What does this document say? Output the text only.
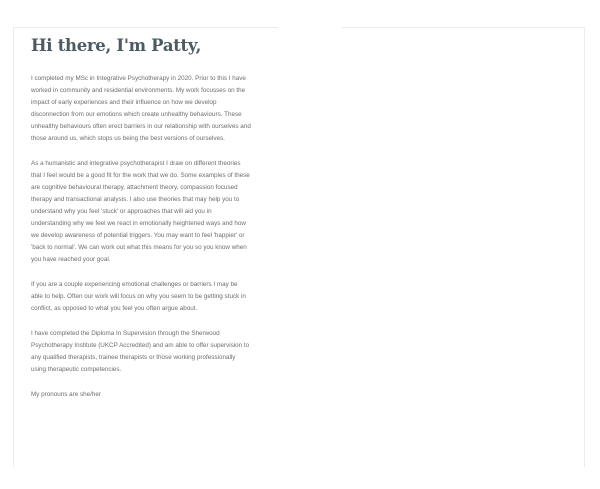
Hi there, I'm Patty,

I completed my MSc in Integrative Psychotherapy in 2020. Prior to this I have worked in community and residential environments. My work focusses on the impact of early experiences and their influence on how we develop disconnection from our emotions which create unhealthy behaviours. These unhealthy behaviours often erect barriers in our relationship with ourselves and those around us, which stops us being the best versions of ourselves.

As a humanistic and integrative psychotherapist I draw on different theories that I feel would be a good fit for the work that we do. Some examples of these are cognitive behavioural therapy, attachment theory, compassion focused therapy and transactional analysis. I also use theories that may help you to understand why you feel 'stuck' or approaches that will aid you in understanding why we feel we react in emotionally heightened ways and how we develop awareness of potential triggers. You may want to feel 'happier' or 'back to normal'. We can work out what this means for you so you know when you have reached your goal.

If you are a couple experiencing emotional challenges or barriers I may be able to help. Often our work will focus on why you seem to be getting stuck in conflict, as opposed to what you feel you often argue about.

I have completed the Diploma In Supervision through the Sherwood Psychotherapy Institute (UKCP Accredited) and am able to offer supervision to any qualified therapists, trainee therapists or those working professionally using therapeutic competencies.

My pronouns are she/her
